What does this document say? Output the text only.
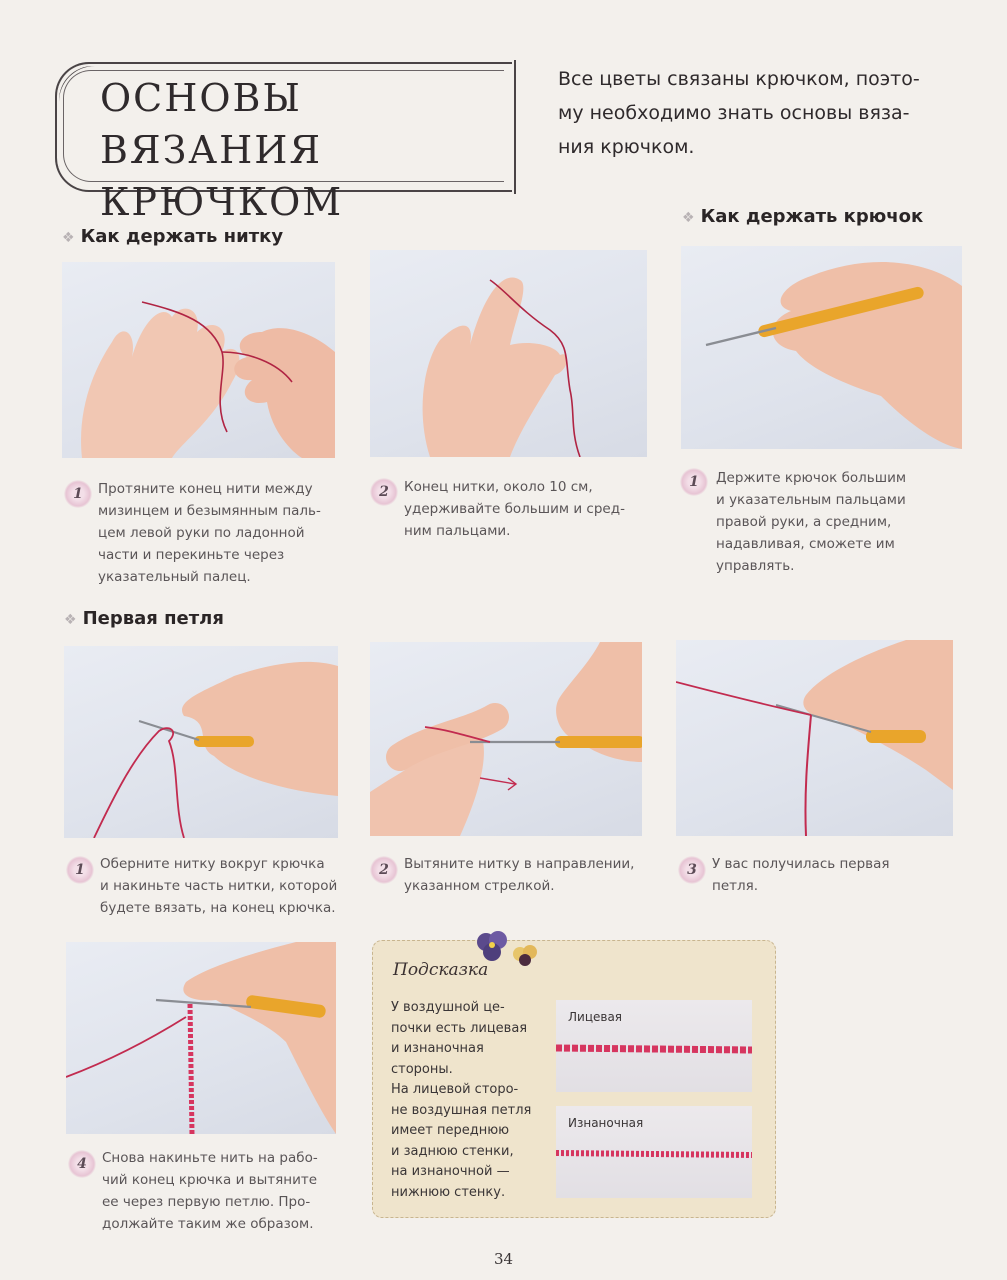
ОСНОВЫ ВЯЗАНИЯ
КРЮЧКОМ
Все цветы связаны крючком, поэто-
му необходимо знать основы вяза-
ния крючком.
❖ Как держать нитку
❖ Как держать крючок
❖ Первая петля
1	Протяните конец нити между
мизинцем и безымянным паль-
цем левой руки по ладонной
части и перекиньте через
указательный палец.
2	Конец нитки, около 10 см,
удерживайте большим и сред-
ним пальцами.
1	Держите крючок большим
и указательным пальцами
правой руки, а средним,
надавливая, сможете им
управлять.
1	Оберните нитку вокруг крючка
и накиньте часть нитки, которой
будете вязать, на конец крючка.
2	Вытяните нитку в направлении,
указанном стрелкой.
3	У вас получилась первая
петля.
4	Снова накиньте нить на рабо-
чий конец крючка и вытяните
ее через первую петлю. Про-
должайте таким же образом.
Подсказка
У воздушной це-
почки есть лицевая
и изнаночная
стороны.
На лицевой сторо-
не воздушная петля
имеет переднюю
и заднюю стенки,
на изнаночной —
нижнюю стенку.
Лицевая
Изнаночная
34
